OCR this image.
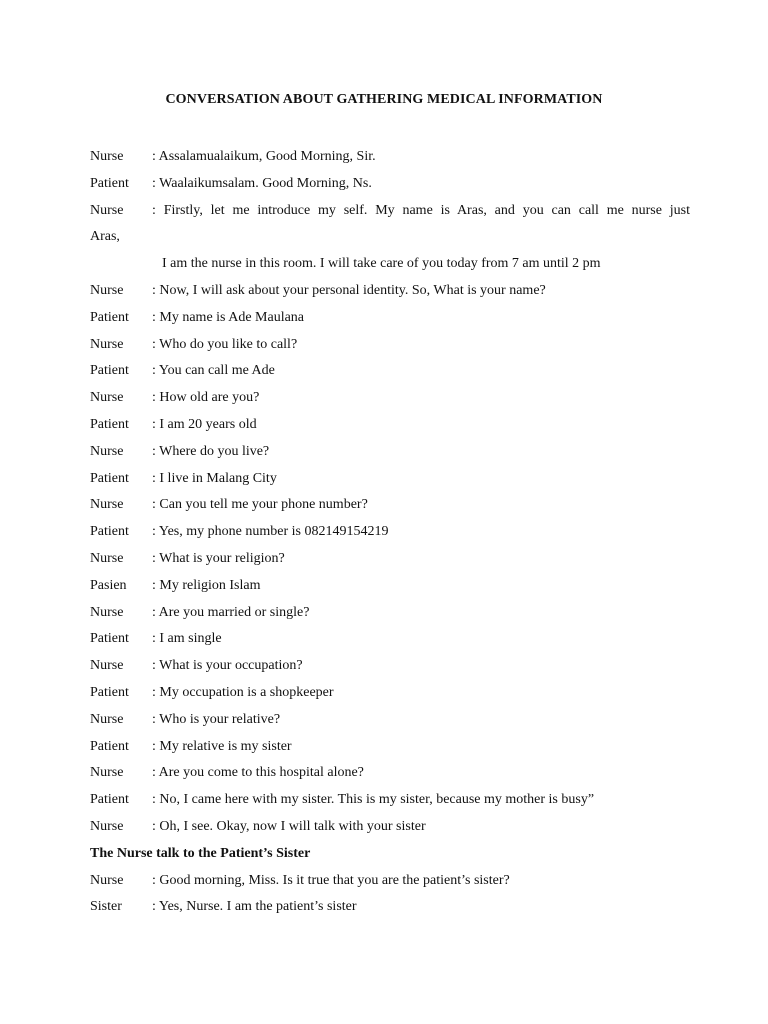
CONVERSATION ABOUT GATHERING MEDICAL INFORMATION
Nurse	: Assalamualaikum, Good Morning, Sir.
Patient	: Waalaikumsalam. Good Morning, Ns.
Nurse	: Firstly, let me introduce my self. My name is Aras, and you can call me nurse just
Aras,
I am the nurse in this room. I will take care of you today from 7 am until 2 pm
Nurse	: Now, I will ask about your personal identity. So, What is your name?
Patient	: My name is Ade Maulana
Nurse	: Who do you like to call?
Patient	: You can call me Ade
Nurse	: How old are you?
Patient	: I am 20 years old
Nurse	: Where do you live?
Patient	: I live in Malang City
Nurse	: Can you tell me your phone number?
Patient	: Yes, my phone number is 082149154219
Nurse	: What is your religion?
Pasien	: My religion Islam
Nurse	: Are you married or single?
Patient	: I am single
Nurse	: What is your occupation?
Patient	: My occupation is a shopkeeper
Nurse	: Who is your relative?
Patient	: My relative is my sister
Nurse	: Are you come to this hospital alone?
Patient	: No, I came here with my sister. This is my sister, because my mother is busy”
Nurse	: Oh, I see. Okay, now I will talk with your sister
The Nurse talk to the Patient’s Sister
Nurse	: Good morning, Miss. Is it true that you are the patient’s sister?
Sister	: Yes, Nurse. I am the patient’s sister
